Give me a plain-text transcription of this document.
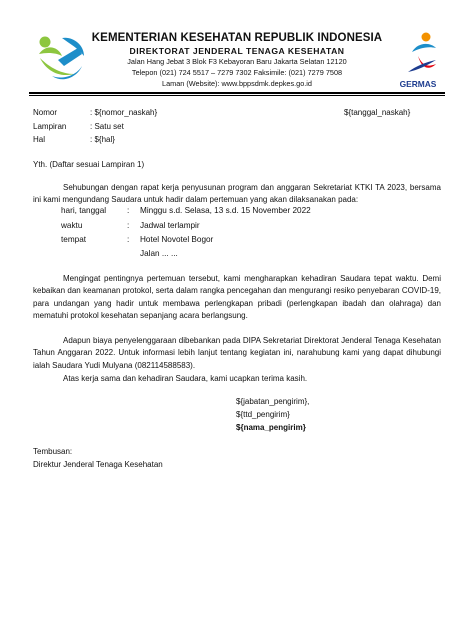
KEMENTERIAN KESEHATAN REPUBLIK INDONESIA
DIREKTORAT JENDERAL TENAGA KESEHATAN
Jalan Hang Jebat 3 Blok F3 Kebayoran Baru Jakarta Selatan 12120
Telepon (021) 724 5517 – 7279 7302 Faksimile: (021) 7279 7508
Laman (Website): www.bppsdmk.depkes.go.id	GERMAS
Nomor	: ${nomor_naskah}	${tanggal_naskah}
Lampiran	: Satu set
Hal	: ${hal}
Yth. (Daftar sesuai Lampiran 1)
Sehubungan dengan rapat kerja penyusunan program dan anggaran Sekretariat KTKI TA 2023, bersama ini kami mengundang Saudara untuk hadir dalam pertemuan yang akan dilaksanakan pada:
hari, tanggal	: Minggu s.d. Selasa, 13 s.d. 15 November 2022
waktu	: Jadwal terlampir
tempat	: Hotel Novotel Bogor
Jalan ... ...
Mengingat pentingnya pertemuan tersebut, kami mengharapkan kehadiran Saudara tepat waktu. Demi kebaikan dan keamanan protokol, serta dalam rangka pencegahan dan mengurangi resiko penyebaran COVID-19, para undangan yang hadir untuk membawa perlengkapan pribadi (perlengkapan ibadah dan olahraga) dan mematuhi protokol kesehatan sepanjang acara berlangsung.
Adapun biaya penyelenggaraan dibebankan pada DIPA Sekretariat Direktorat Jenderal Tenaga Kesehatan Tahun Anggaran 2022. Untuk informasi lebih lanjut tentang kegiatan ini, narahubung kami yang dapat dihubungi ialah Saudara Yudi Mulyana (082114588583).
Atas kerja sama dan kehadiran Saudara, kami ucapkan terima kasih.
${jabatan_pengirim},
${ttd_pengirim}
${nama_pengirim}
Tembusan:
Direktur Jenderal Tenaga Kesehatan
